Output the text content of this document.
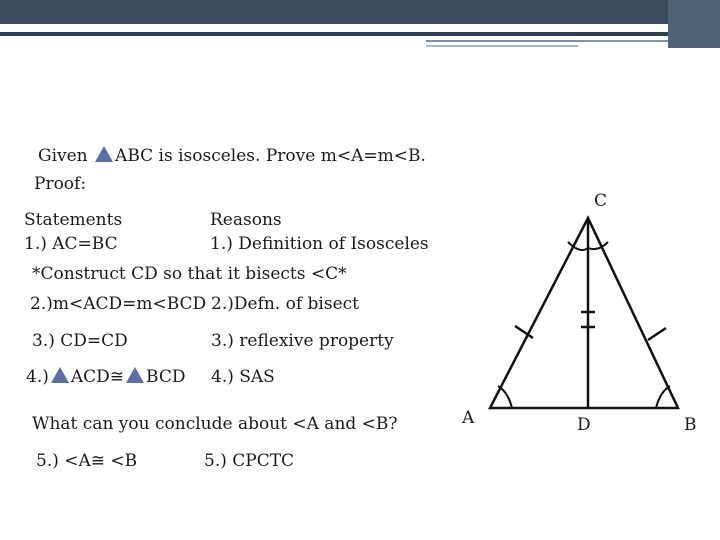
Given ABC is isosceles. Prove m<A=m<B.
Proof:
Statements	Reasons
1.) AC=BC	1.) Definition of Isosceles
*Construct CD so that it bisects <C*
2.)m<ACD=m<BCD 2.)Defn. of bisect
3.) CD=CD	3.) reflexive property
4.) ACD≅ BCD 4.) SAS
What can you conclude about <A and <B?
5.) <A≅ <B	5.) CPCTC
C
A	D	B
